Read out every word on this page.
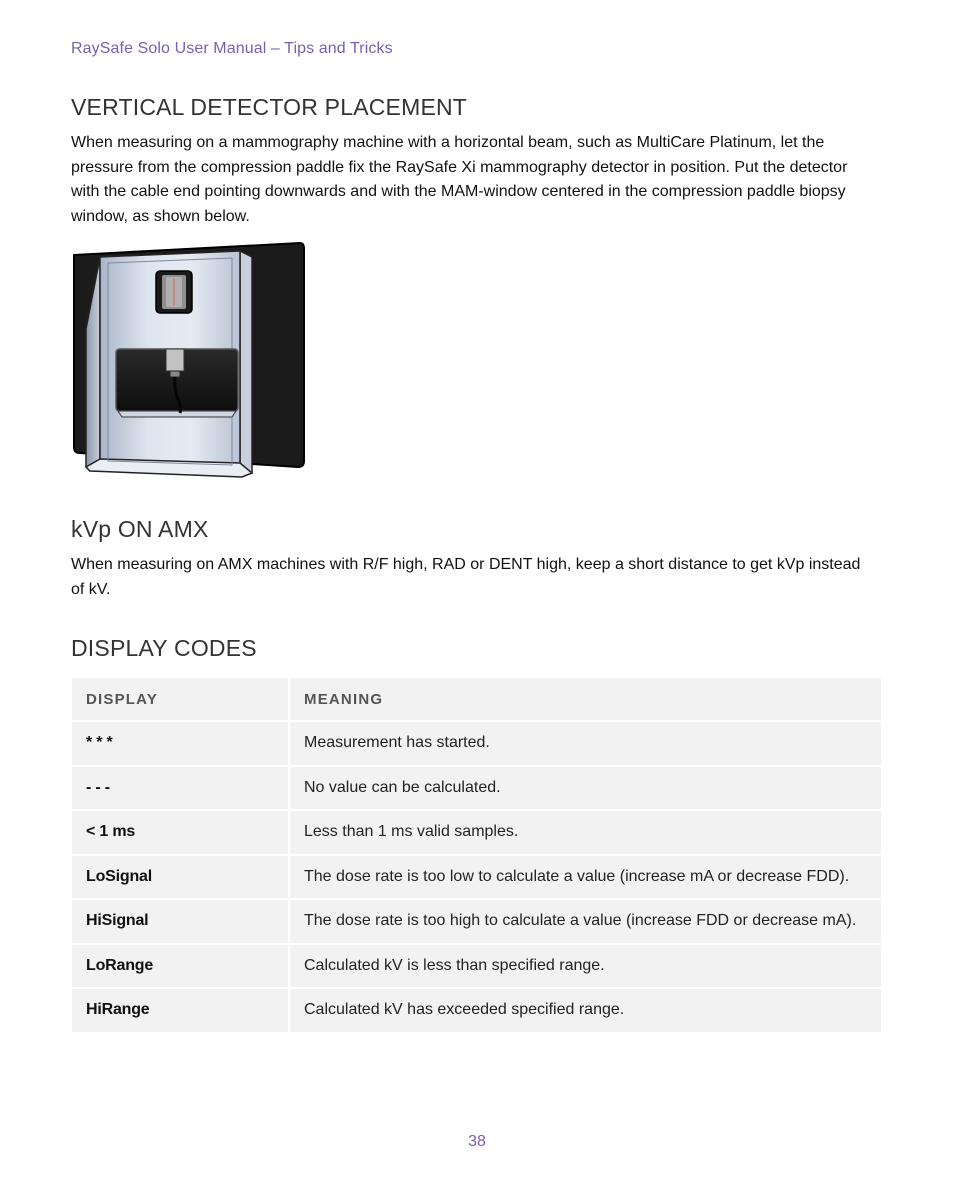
RaySafe Solo User Manual – Tips and Tricks
VERTICAL DETECTOR PLACEMENT

When measuring on a mammography machine with a horizontal beam, such as MultiCare Platinum, let the pressure from the compression paddle fix the RaySafe Xi mammography detector in position. Put the detector with the cable end pointing downwards and with the MAM-window centered in the compression paddle biopsy window, as shown below.

kVp ON AMX

When measuring on AMX machines with R/F high, RAD or DENT high, keep a short distance to get kVp instead of kV.

DISPLAY CODES
DISPLAY	MEANING
* * *	Measurement has started.
- - -	No value can be calculated.
< 1 ms	Less than 1 ms valid samples.
LoSignal	The dose rate is too low to calculate a value (increase mA or decrease FDD).
HiSignal	The dose rate is too high to calculate a value (increase FDD or decrease mA).
LoRange	Calculated kV is less than specified range.
HiRange	Calculated kV has exceeded specified range.
38
